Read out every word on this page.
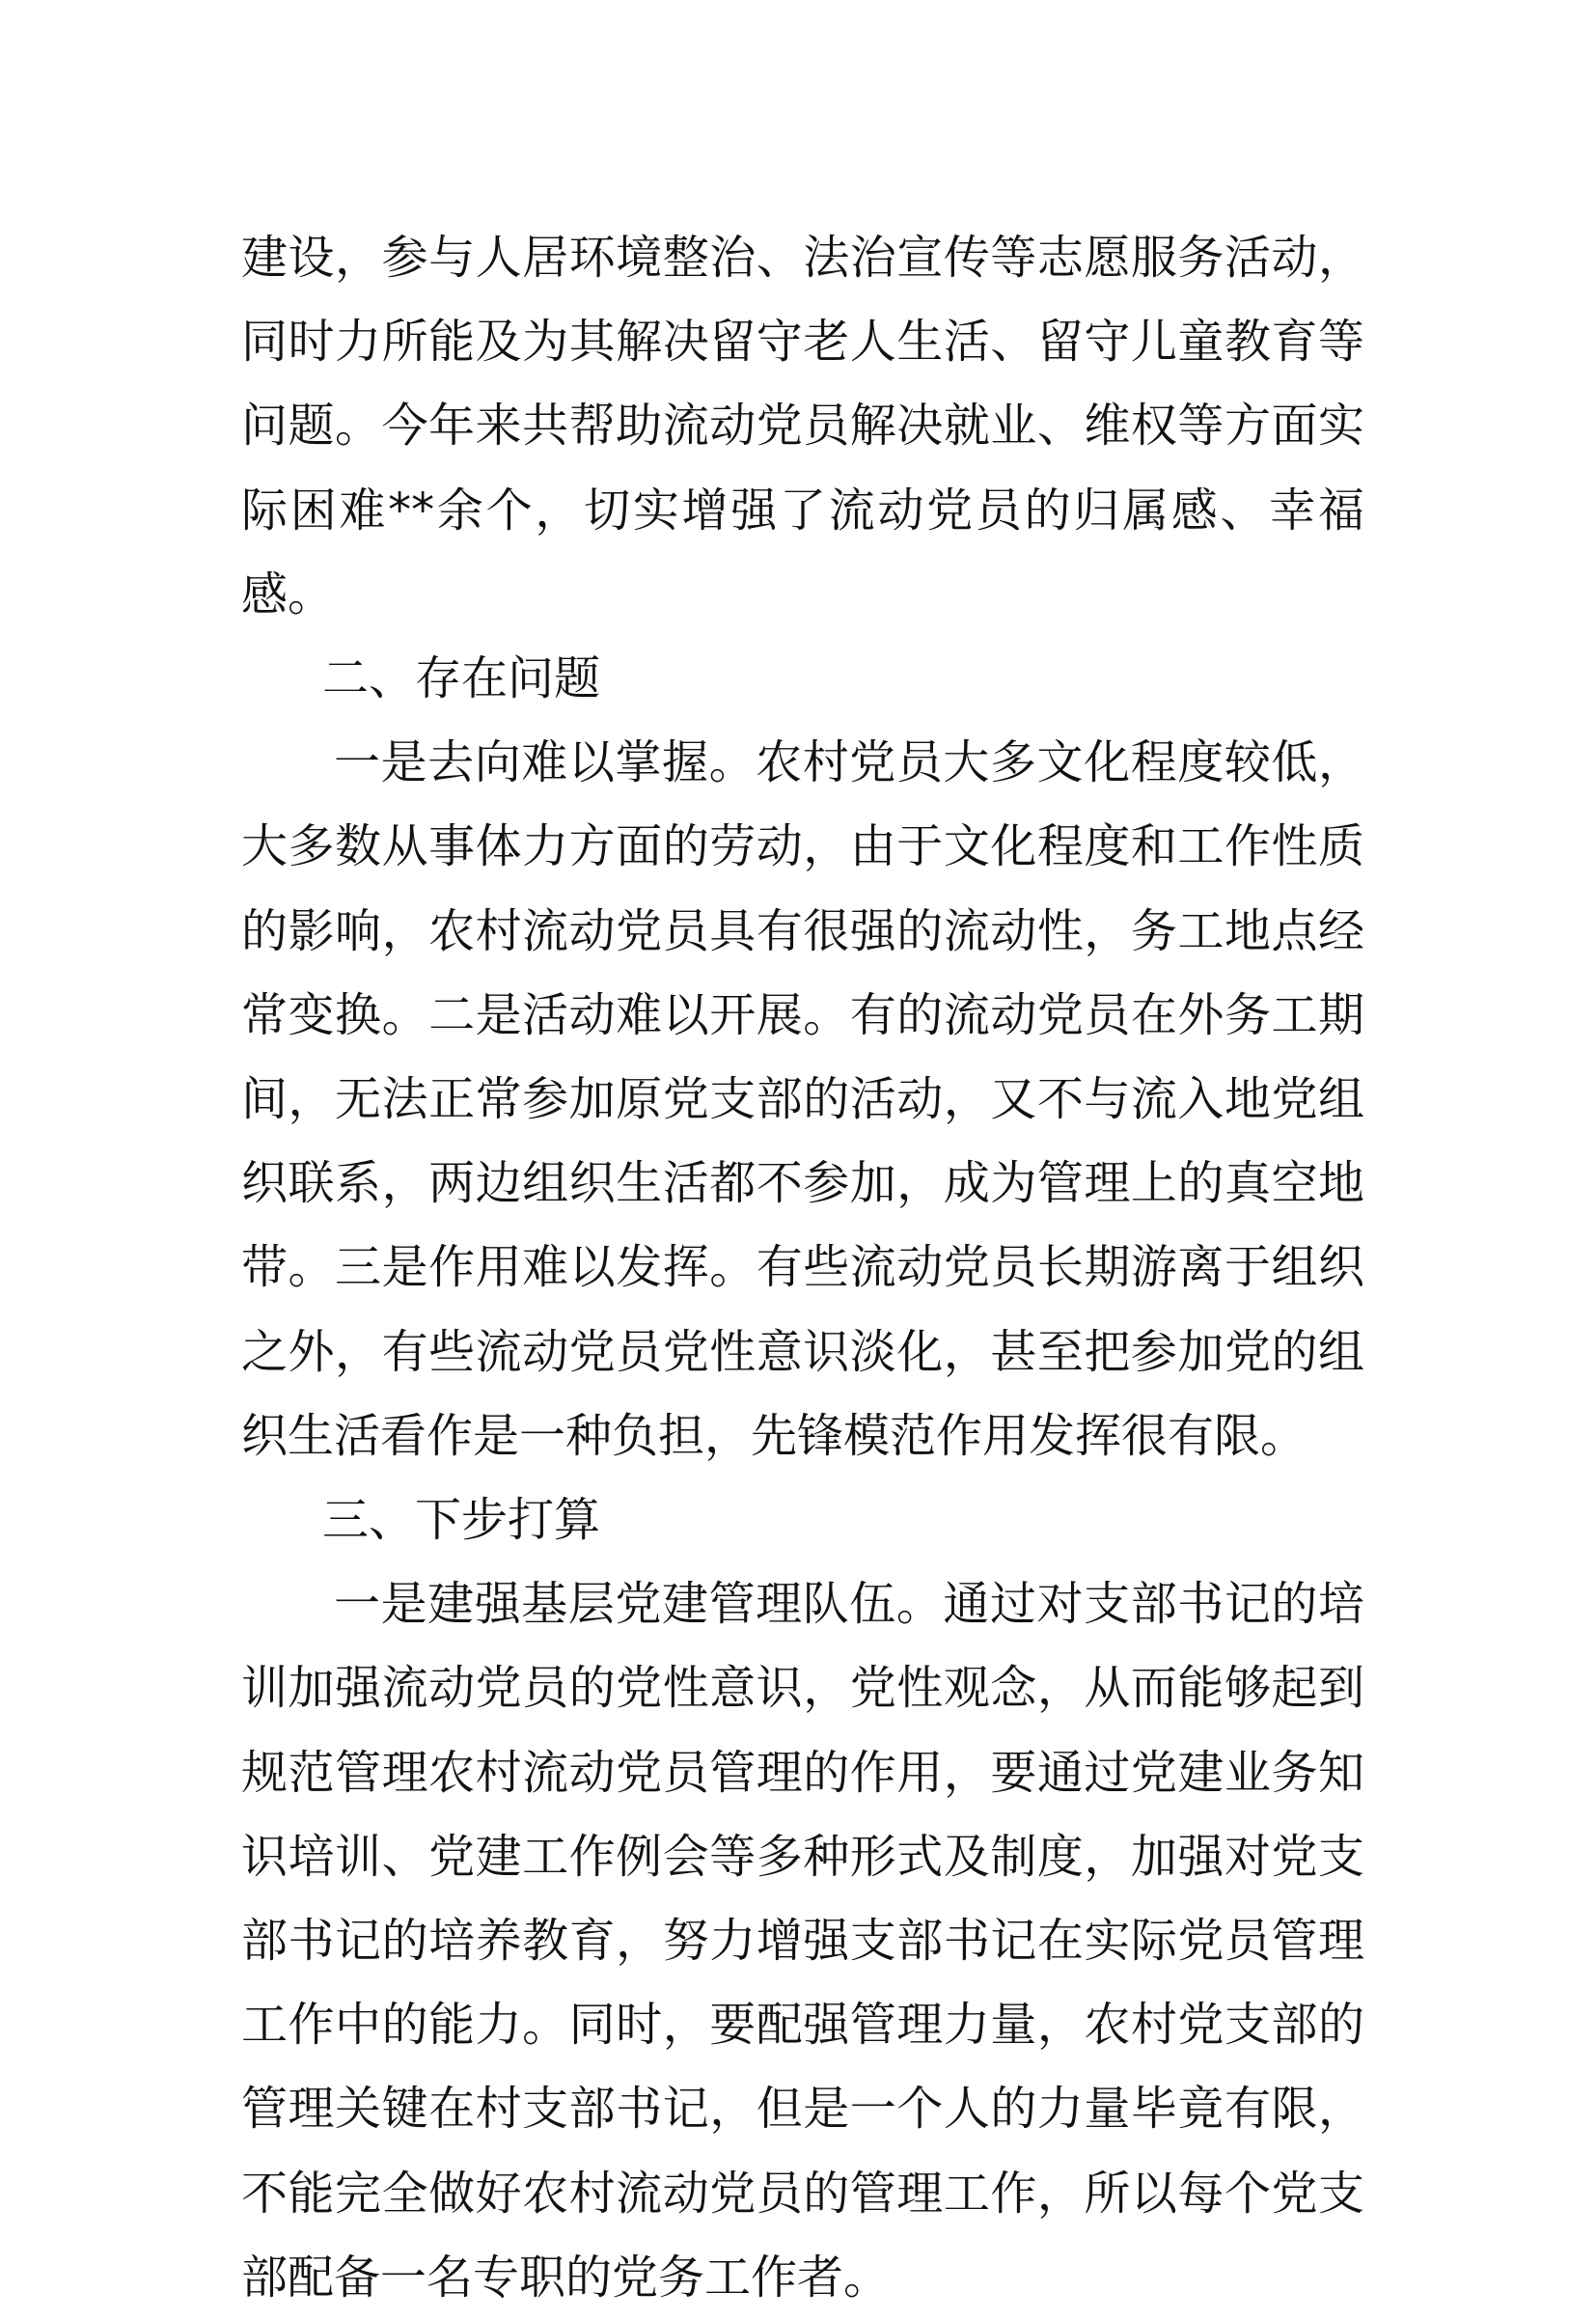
建设，参与人居环境整治、法治宣传等志愿服务活动，同时力所能及为其解决留守老人生活、留守儿童教育等问题。今年来共帮助流动党员解决就业、维权等方面实际困难**余个，切实增强了流动党员的归属感、幸福感。

二、存在问题

一是去向难以掌握。农村党员大多文化程度较低，大多数从事体力方面的劳动，由于文化程度和工作性质的影响，农村流动党员具有很强的流动性，务工地点经常变换。二是活动难以开展。有的流动党员在外务工期间，无法正常参加原党支部的活动，又不与流入地党组织联系，两边组织生活都不参加，成为管理上的真空地带。三是作用难以发挥。有些流动党员长期游离于组织之外，有些流动党员党性意识淡化，甚至把参加党的组织生活看作是一种负担，先锋模范作用发挥很有限。

三、下步打算

一是建强基层党建管理队伍。通过对支部书记的培训加强流动党员的党性意识，党性观念，从而能够起到规范管理农村流动党员管理的作用，要通过党建业务知识培训、党建工作例会等多种形式及制度，加强对党支部书记的培养教育，努力增强支部书记在实际党员管理工作中的能力。同时，要配强管理力量，农村党支部的管理关键在村支部书记，但是一个人的力量毕竟有限，不能完全做好农村流动党员的管理工作，所以每个党支部配备一名专职的党务工作者。
